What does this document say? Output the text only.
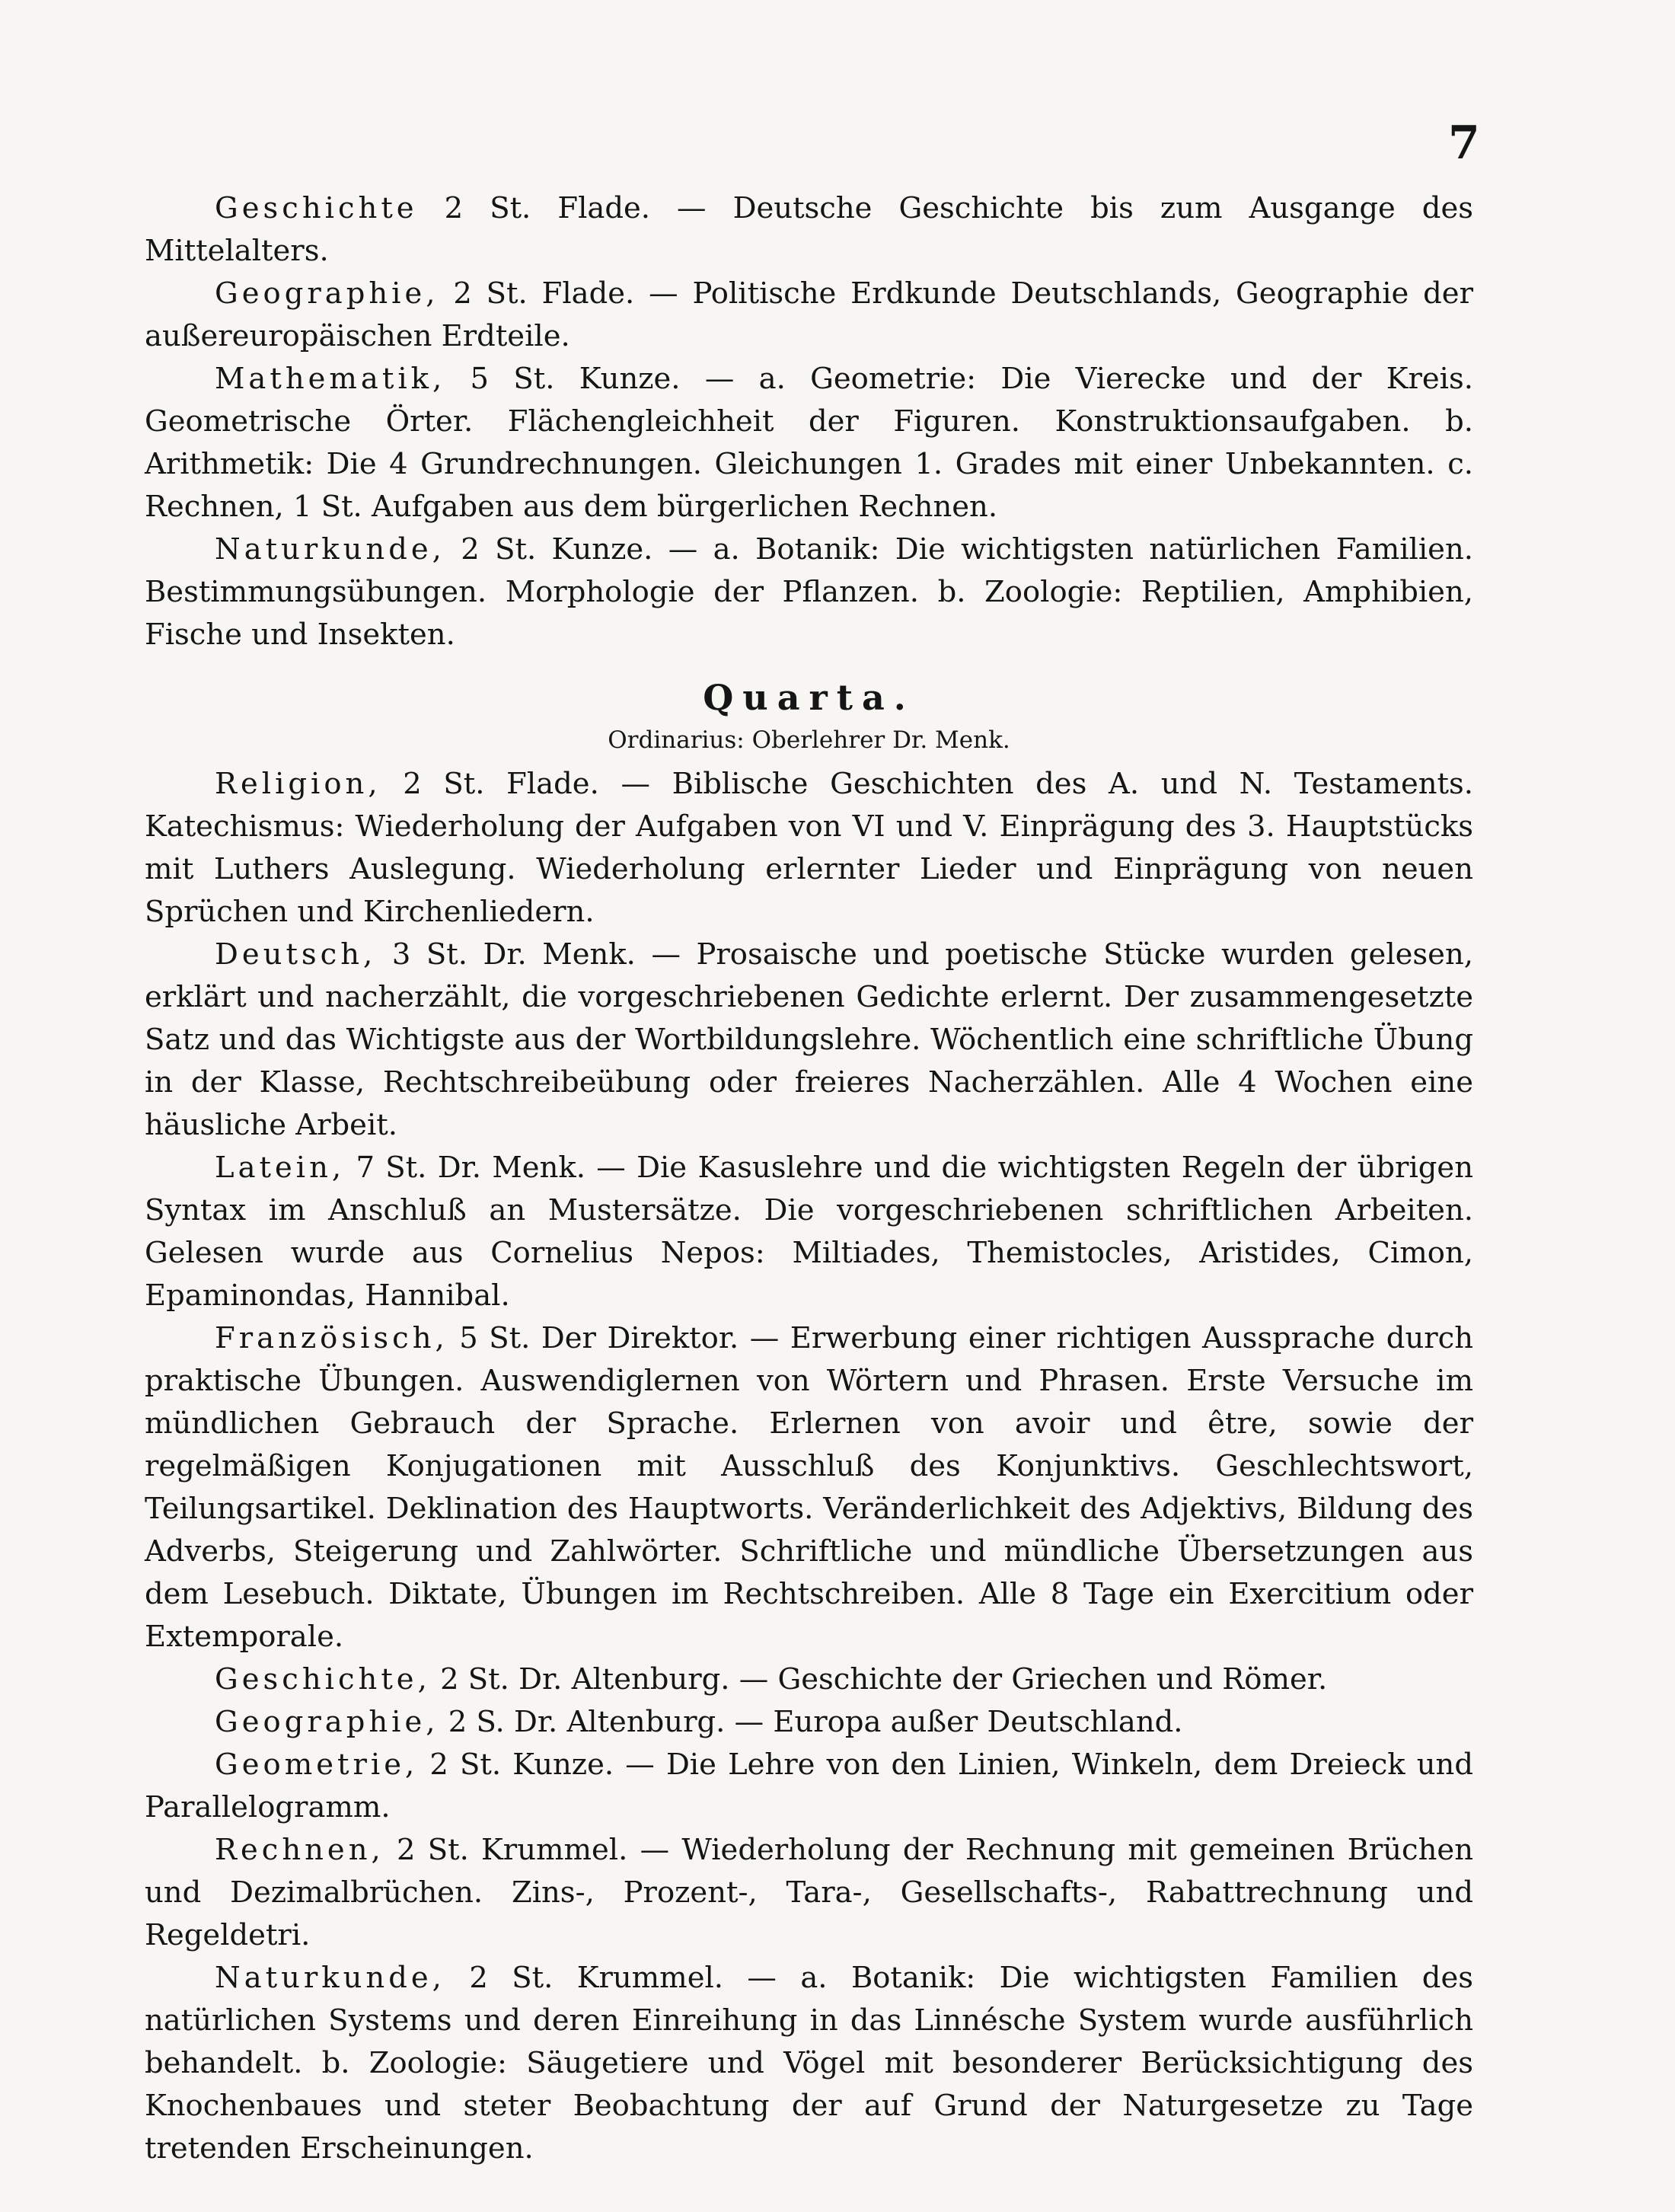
7

Geschichte 2 St. Flade. — Deutsche Geschichte bis zum Ausgange des Mittelalters.

Geographie, 2 St. Flade. — Politische Erdkunde Deutschlands, Geographie der außereuropäischen Erdteile.

Mathematik, 5 St. Kunze. — a. Geometrie: Die Vierecke und der Kreis. Geometrische Örter. Flächengleichheit der Figuren. Konstruktionsaufgaben. b. Arithmetik: Die 4 Grundrechnungen. Gleichungen 1. Grades mit einer Unbekannten. c. Rechnen, 1 St. Aufgaben aus dem bürgerlichen Rechnen.

Naturkunde, 2 St. Kunze. — a. Botanik: Die wichtigsten natürlichen Familien. Bestimmungsübungen. Morphologie der Pflanzen. b. Zoologie: Reptilien, Amphibien, Fische und Insekten.

Quarta.
Ordinarius: Oberlehrer Dr. Menk.

Religion, 2 St. Flade. — Biblische Geschichten des A. und N. Testaments. Katechismus: Wiederholung der Aufgaben von VI und V. Einprägung des 3. Hauptstücks mit Luthers Auslegung. Wiederholung erlernter Lieder und Einprägung von neuen Sprüchen und Kirchenliedern.

Deutsch, 3 St. Dr. Menk. — Prosaische und poetische Stücke wurden gelesen, erklärt und nacherzählt, die vorgeschriebenen Gedichte erlernt. Der zusammengesetzte Satz und das Wichtigste aus der Wortbildungslehre. Wöchentlich eine schriftliche Übung in der Klasse, Rechtschreibeübung oder freieres Nacherzählen. Alle 4 Wochen eine häusliche Arbeit.

Latein, 7 St. Dr. Menk. — Die Kasuslehre und die wichtigsten Regeln der übrigen Syntax im Anschluß an Mustersätze. Die vorgeschriebenen schriftlichen Arbeiten. Gelesen wurde aus Cornelius Nepos: Miltiades, Themistocles, Aristides, Cimon, Epaminondas, Hannibal.

Französisch, 5 St. Der Direktor. — Erwerbung einer richtigen Aussprache durch praktische Übungen. Auswendiglernen von Wörtern und Phrasen. Erste Versuche im mündlichen Gebrauch der Sprache. Erlernen von avoir und être, sowie der regelmäßigen Konjugationen mit Ausschluß des Konjunktivs. Geschlechtswort, Teilungsartikel. Deklination des Hauptworts. Veränderlichkeit des Adjektivs, Bildung des Adverbs, Steigerung und Zahlwörter. Schriftliche und mündliche Übersetzungen aus dem Lesebuch. Diktate, Übungen im Rechtschreiben. Alle 8 Tage ein Exercitium oder Extemporale.

Geschichte, 2 St. Dr. Altenburg. — Geschichte der Griechen und Römer.

Geographie, 2 S. Dr. Altenburg. — Europa außer Deutschland.

Geometrie, 2 St. Kunze. — Die Lehre von den Linien, Winkeln, dem Dreieck und Parallelogramm.

Rechnen, 2 St. Krummel. — Wiederholung der Rechnung mit gemeinen Brüchen und Dezimalbrüchen. Zins-, Prozent-, Tara-, Gesellschafts-, Rabattrechnung und Regeldetri.

Naturkunde, 2 St. Krummel. — a. Botanik: Die wichtigsten Familien des natürlichen Systems und deren Einreihung in das Linnésche System wurde ausführlich behandelt. b. Zoologie: Säugetiere und Vögel mit besonderer Berücksichtigung des Knochenbaues und steter Beobachtung der auf Grund der Naturgesetze zu Tage tretenden Erscheinungen.
